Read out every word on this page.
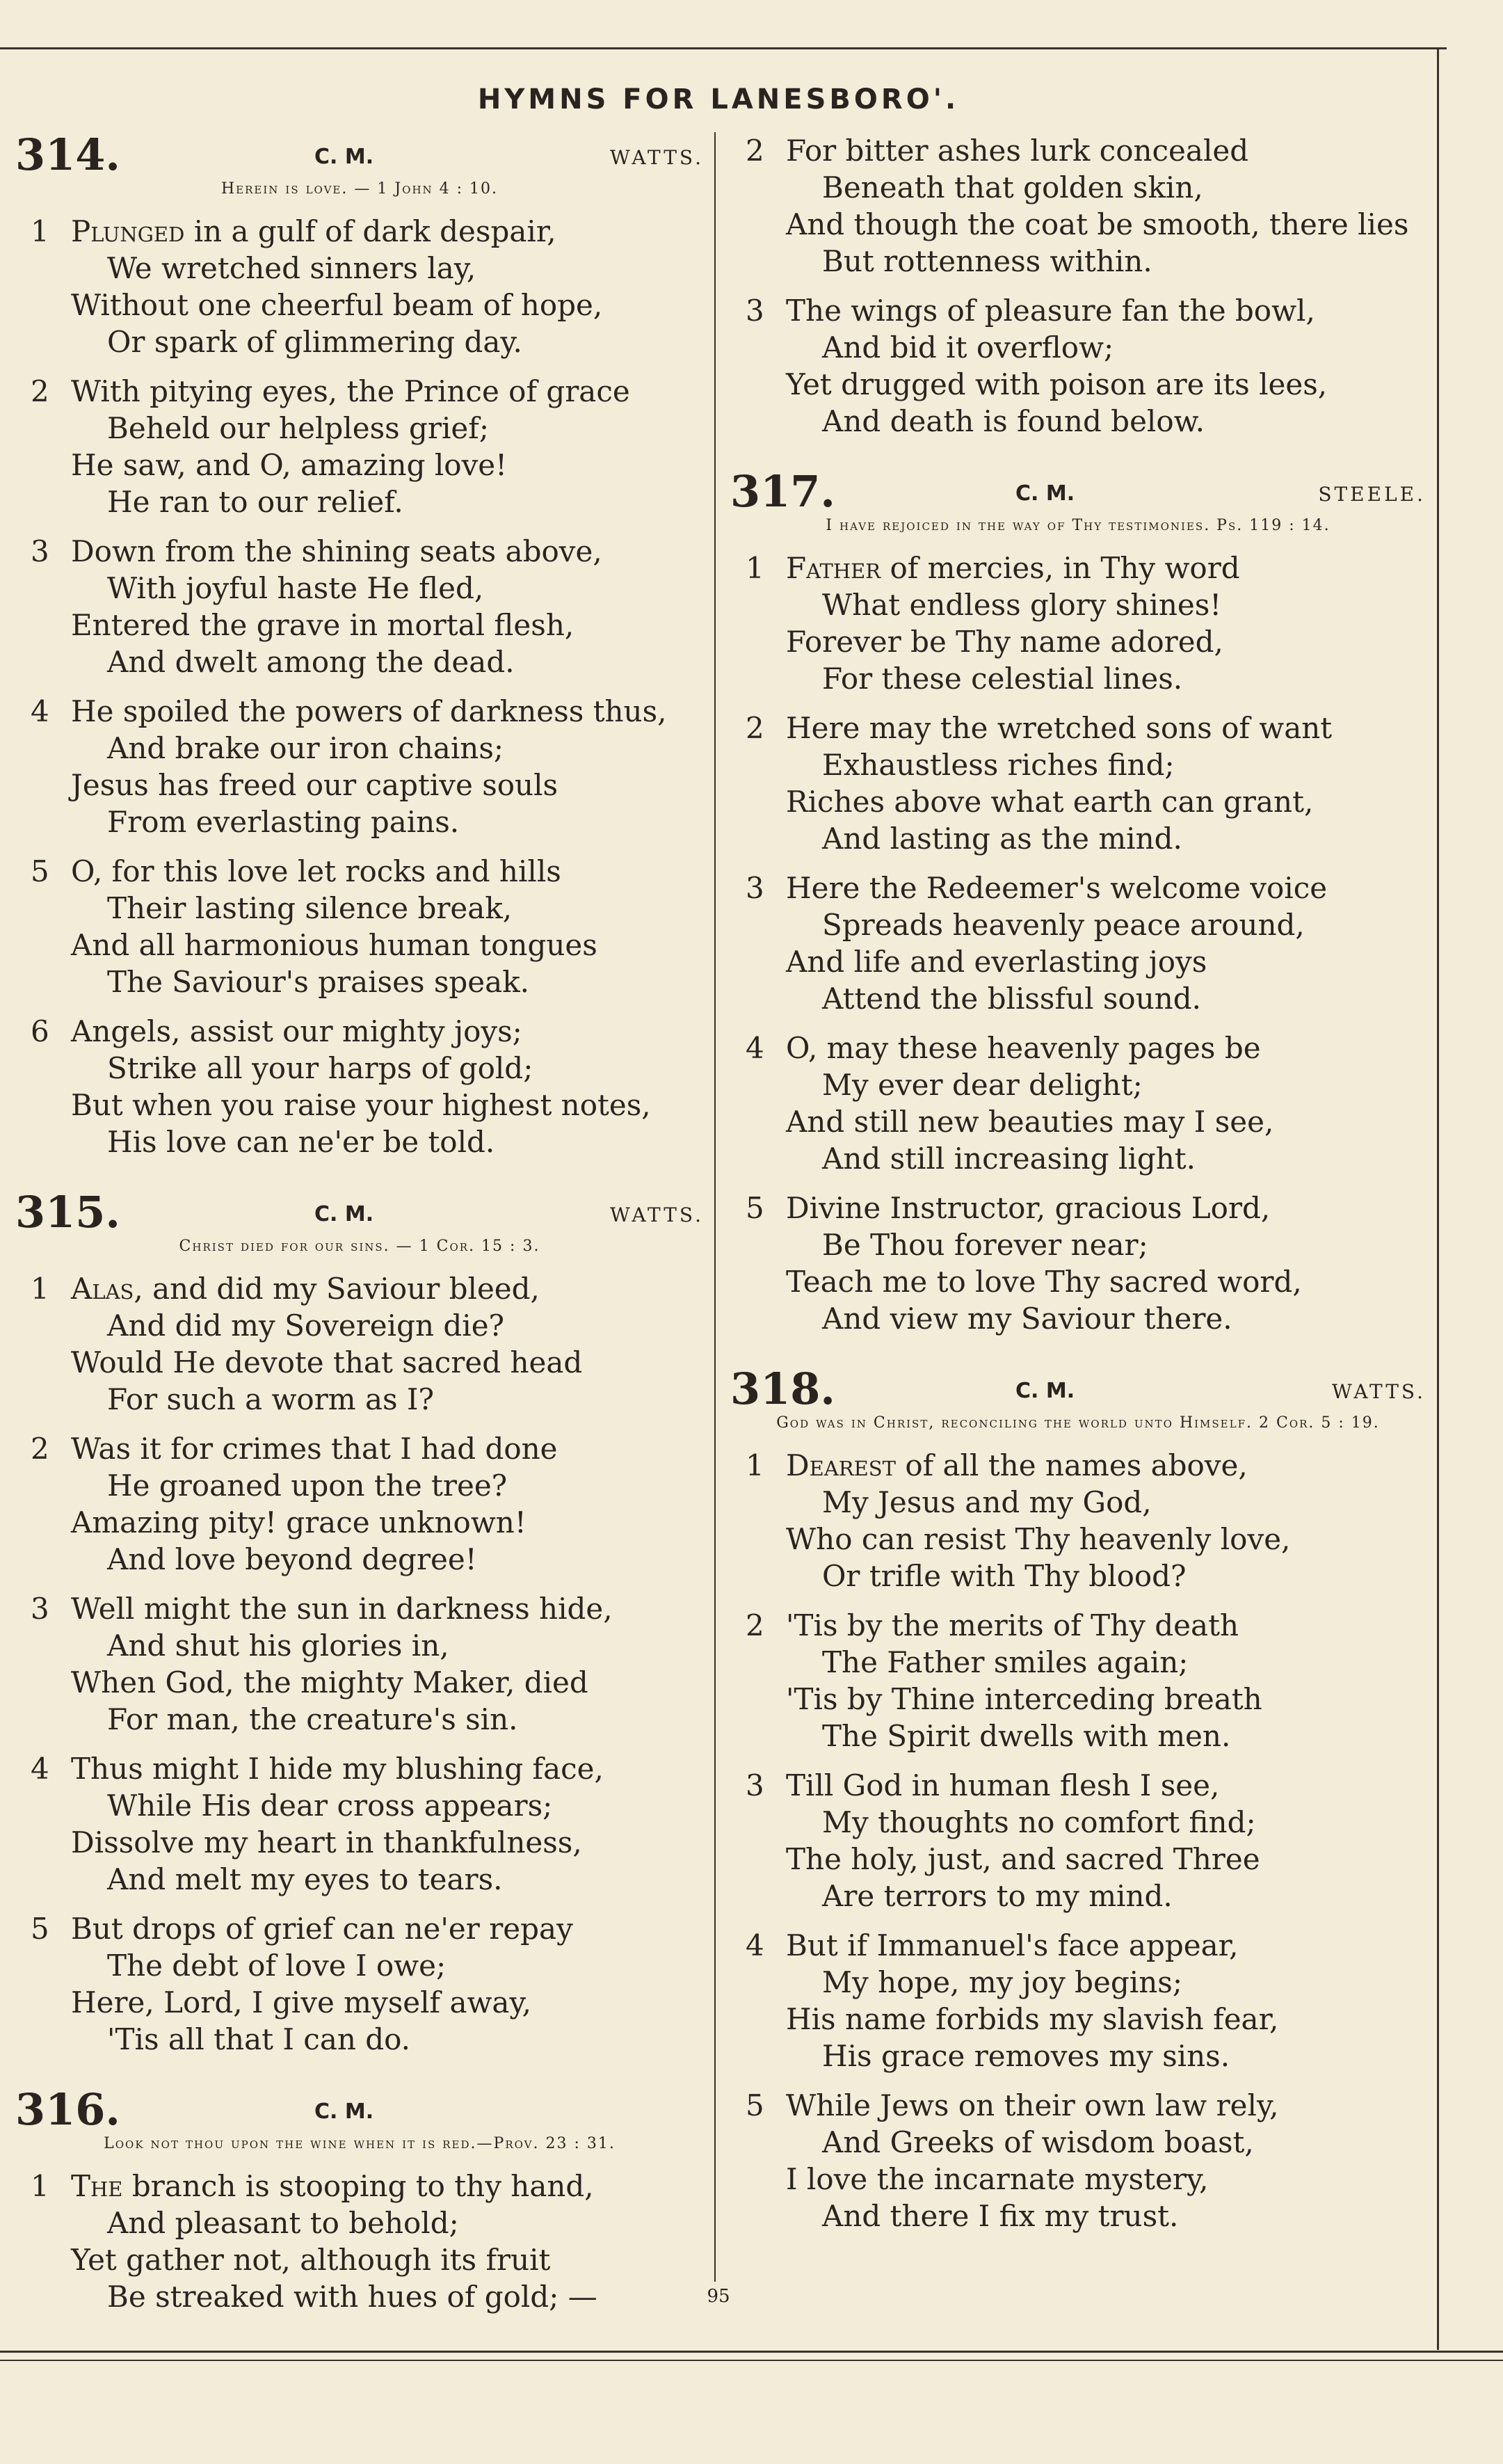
HYMNS FOR LANESBORO'.
314.	C. M.	WATTS.
Herein is love. — 1 John 4 : 10.
1 Plunged in a gulf of dark despair,
We wretched sinners lay,
Without one cheerful beam of hope,
Or spark of glimmering day.
2 With pitying eyes, the Prince of grace
Beheld our helpless grief;
He saw, and O, amazing love!
He ran to our relief.
3 Down from the shining seats above,
With joyful haste He fled,
Entered the grave in mortal flesh,
And dwelt among the dead.
4 He spoiled the powers of darkness thus,
And brake our iron chains;
Jesus has freed our captive souls
From everlasting pains.
5 O, for this love let rocks and hills
Their lasting silence break,
And all harmonious human tongues
The Saviour's praises speak.
6 Angels, assist our mighty joys;
Strike all your harps of gold;
But when you raise your highest notes,
His love can ne'er be told.
315.	C. M.	WATTS.
Christ died for our sins. — 1 Cor. 15 : 3.
1 Alas, and did my Saviour bleed,
And did my Sovereign die?
Would He devote that sacred head
For such a worm as I?
2 Was it for crimes that I had done
He groaned upon the tree?
Amazing pity! grace unknown!
And love beyond degree!
3 Well might the sun in darkness hide,
And shut his glories in,
When God, the mighty Maker, died
For man, the creature's sin.
4 Thus might I hide my blushing face,
While His dear cross appears;
Dissolve my heart in thankfulness,
And melt my eyes to tears.
5 But drops of grief can ne'er repay
The debt of love I owe;
Here, Lord, I give myself away,
'Tis all that I can do.
316.	C. M.
Look not thou upon the wine when it is red.—Prov. 23 : 31.
1 The branch is stooping to thy hand,
And pleasant to behold;
Yet gather not, although its fruit
Be streaked with hues of gold; —
2 For bitter ashes lurk concealed
Beneath that golden skin,
And though the coat be smooth, there lies
But rottenness within.
3 The wings of pleasure fan the bowl,
And bid it overflow;
Yet drugged with poison are its lees,
And death is found below.
317.	C. M.	STEELE.
I have rejoiced in the way of Thy testimonies. Ps. 119 : 14.
1 Father of mercies, in Thy word
What endless glory shines!
Forever be Thy name adored,
For these celestial lines.
2 Here may the wretched sons of want
Exhaustless riches find;
Riches above what earth can grant,
And lasting as the mind.
3 Here the Redeemer's welcome voice
Spreads heavenly peace around,
And life and everlasting joys
Attend the blissful sound.
4 O, may these heavenly pages be
My ever dear delight;
And still new beauties may I see,
And still increasing light.
5 Divine Instructor, gracious Lord,
Be Thou forever near;
Teach me to love Thy sacred word,
And view my Saviour there.
318.	C. M.	WATTS.
God was in Christ, reconciling the world unto Himself. 2 Cor. 5 : 19.
1 Dearest of all the names above,
My Jesus and my God,
Who can resist Thy heavenly love,
Or trifle with Thy blood?
2 'Tis by the merits of Thy death
The Father smiles again;
'Tis by Thine interceding breath
The Spirit dwells with men.
3 Till God in human flesh I see,
My thoughts no comfort find;
The holy, just, and sacred Three
Are terrors to my mind.
4 But if Immanuel's face appear,
My hope, my joy begins;
His name forbids my slavish fear,
His grace removes my sins.
5 While Jews on their own law rely,
And Greeks of wisdom boast,
I love the incarnate mystery,
And there I fix my trust.
95
